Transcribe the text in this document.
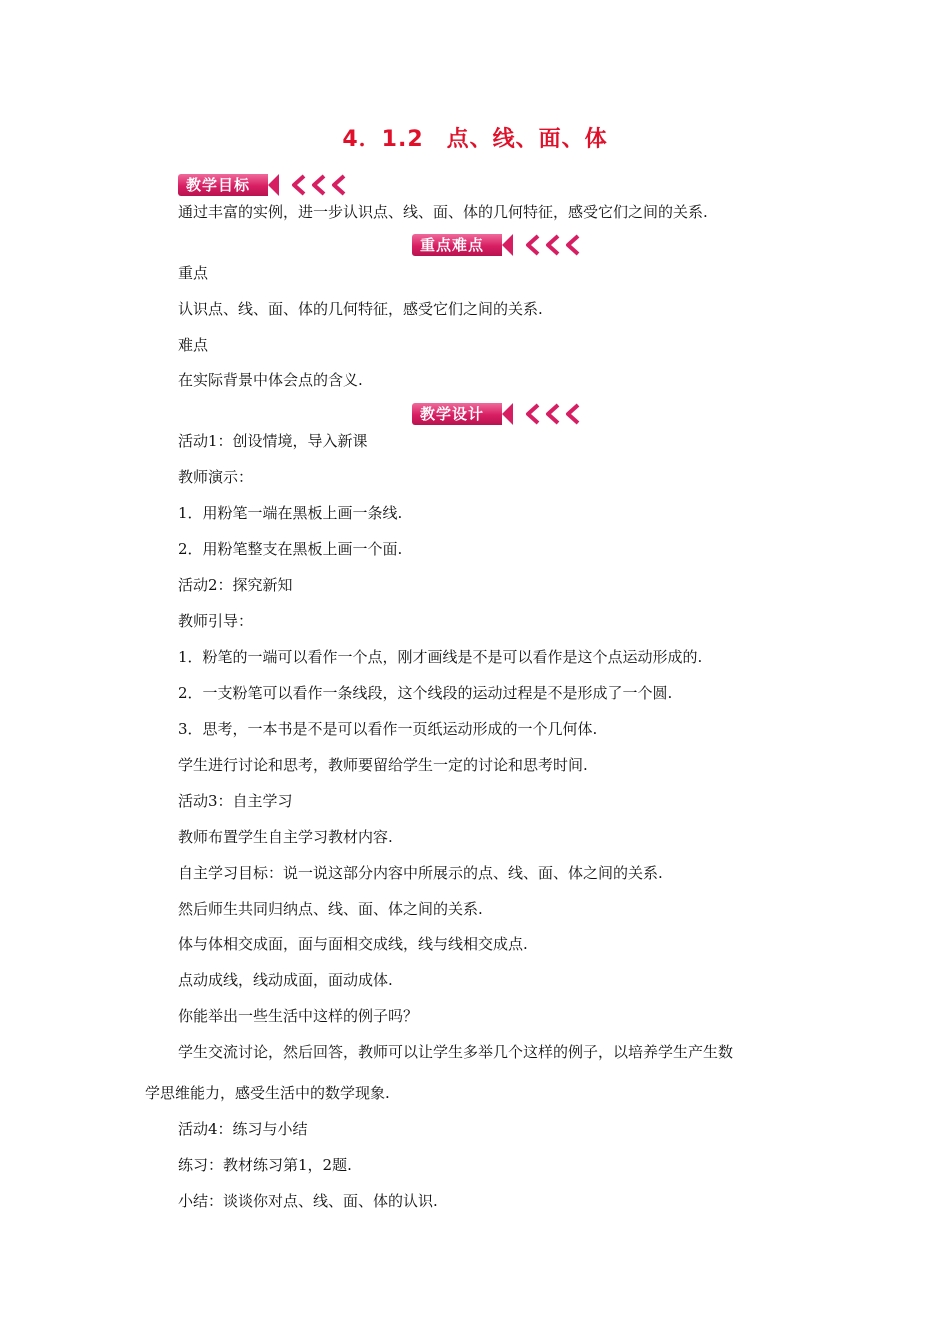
4．1.2　点、线、面、体
教学目标
通过丰富的实例，进一步认识点、线、面、体的几何特征，感受它们之间的关系.
重点难点
重点
认识点、线、面、体的几何特征，感受它们之间的关系.
难点
在实际背景中体会点的含义.
教学设计
活动1：创设情境，导入新课
教师演示：
1．用粉笔一端在黑板上画一条线.
2．用粉笔整支在黑板上画一个面.
活动2：探究新知
教师引导：
1．粉笔的一端可以看作一个点，刚才画线是不是可以看作是这个点运动形成的.
2．一支粉笔可以看作一条线段，这个线段的运动过程是不是形成了一个圆.
3．思考，一本书是不是可以看作一页纸运动形成的一个几何体.
学生进行讨论和思考，教师要留给学生一定的讨论和思考时间.
活动3：自主学习
教师布置学生自主学习教材内容.
自主学习目标：说一说这部分内容中所展示的点、线、面、体之间的关系.
然后师生共同归纳点、线、面、体之间的关系.
体与体相交成面，面与面相交成线，线与线相交成点.
点动成线，线动成面，面动成体.
你能举出一些生活中这样的例子吗？
学生交流讨论，然后回答，教师可以让学生多举几个这样的例子，以培养学生产生数
学思维能力，感受生活中的数学现象.
活动4：练习与小结
练习：教材练习第1，2题.
小结：谈谈你对点、线、面、体的认识.
